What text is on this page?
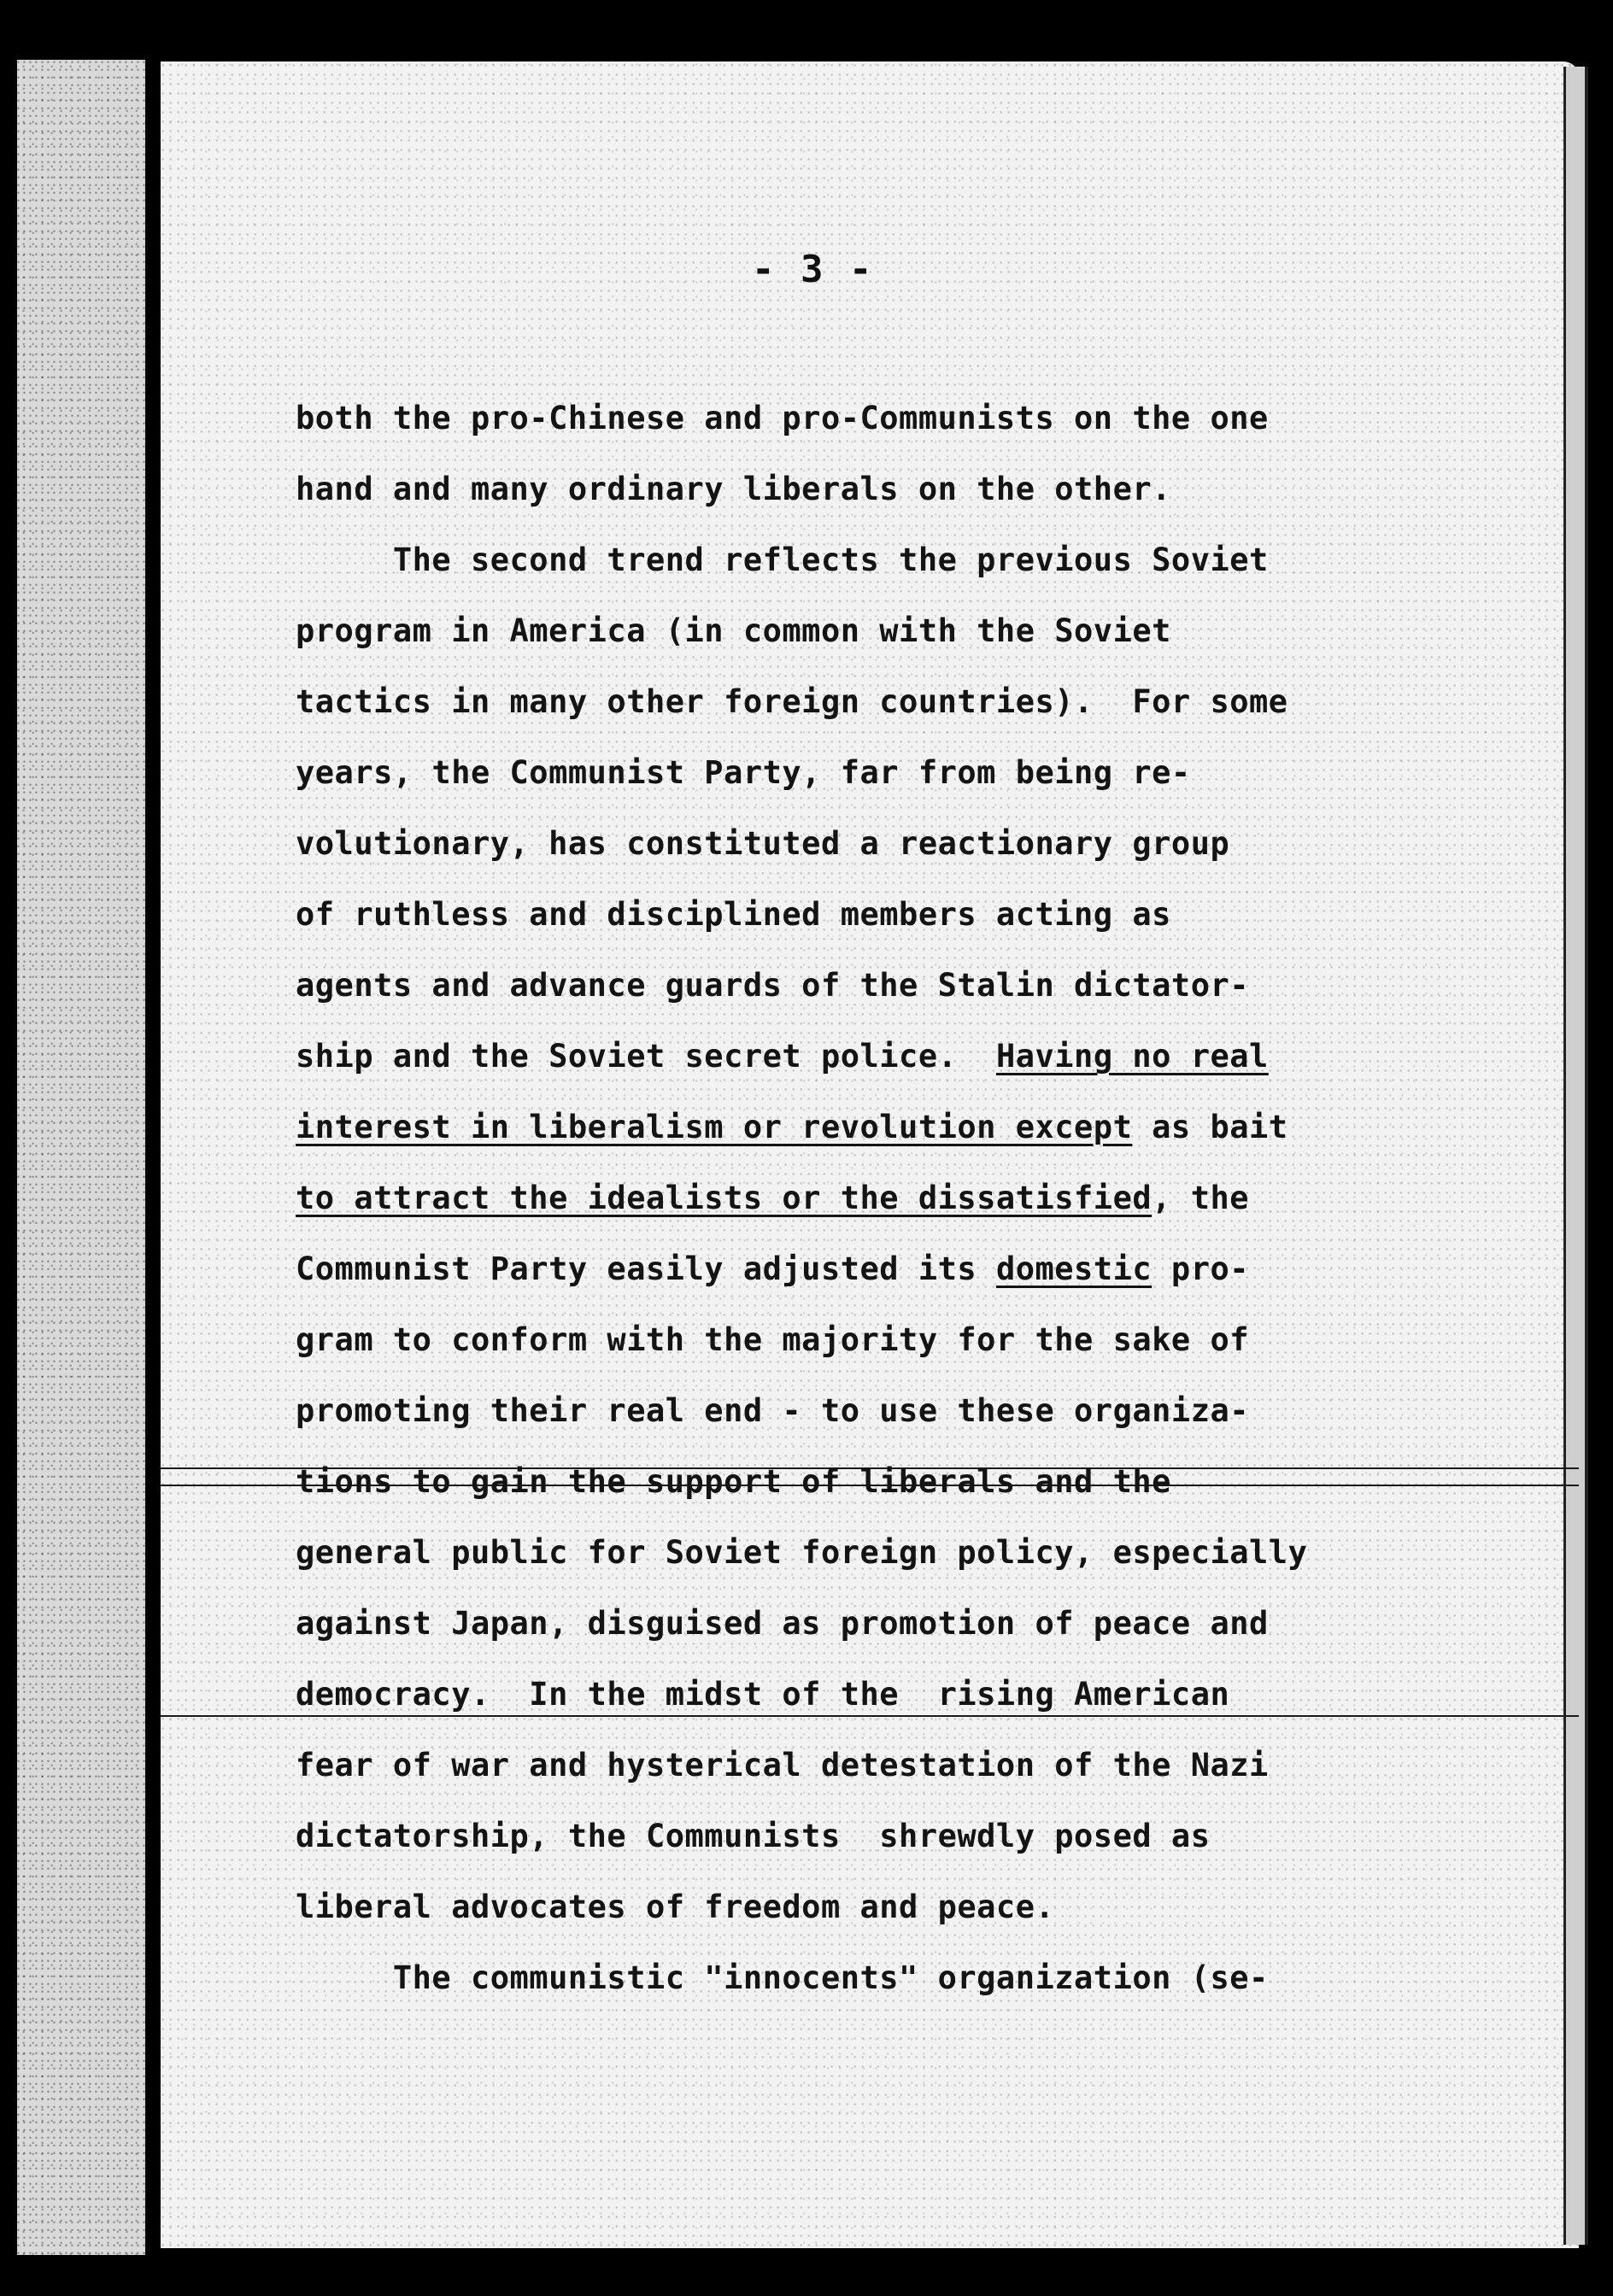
- 3 -
both the pro-Chinese and pro-Communists on the one
hand and many ordinary liberals on the other.
The second trend reflects the previous Soviet
program in America (in common with the Soviet
tactics in many other foreign countries).  For some
years, the Communist Party, far from being re-
volutionary, has constituted a reactionary group
of ruthless and disciplined members acting as
agents and advance guards of the Stalin dictator-
ship and the Soviet secret police.  Having no real
interest in liberalism or revolution except as bait
to attract the idealists or the dissatisfied, the
Communist Party easily adjusted its domestic pro-
gram to conform with the majority for the sake of
promoting their real end - to use these organiza-
tions to gain the support of liberals and the
general public for Soviet foreign policy, especially
against Japan, disguised as promotion of peace and
democracy.  In the midst of the  rising American
fear of war and hysterical detestation of the Nazi
dictatorship, the Communists  shrewdly posed as
liberal advocates of freedom and peace.
The communistic "innocents" organization (se-
